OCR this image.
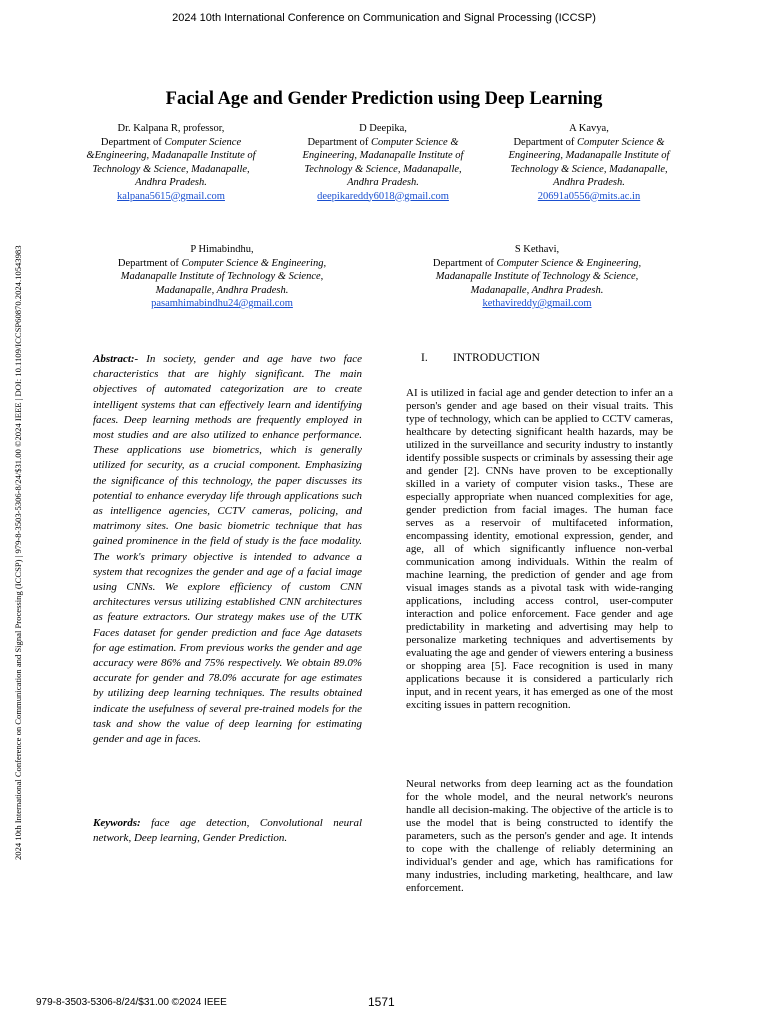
2024 10th International Conference on Communication and Signal Processing (ICCSP)
2024 10th International Conference on Communication and Signal Processing (ICCSP) | 979-8-3503-5306-8/24/$31.00 ©2024 IEEE | DOI: 10.1109/ICCSP60870.2024.10543983
Facial Age and Gender Prediction using Deep Learning
Dr. Kalpana R, professor,
Department of Computer Science &Engineering, Madanapalle Institute of Technology & Science, Madanapalle, Andhra Pradesh.
kalpana5615@gmail.com
D Deepika,
Department of Computer Science & Engineering, Madanapalle Institute of Technology & Science, Madanapalle, Andhra Pradesh.
deepikareddy6018@gmail.com
A Kavya,
Department of Computer Science & Engineering, Madanapalle Institute of Technology & Science, Madanapalle, Andhra Pradesh.
20691a0556@mits.ac.in
P Himabindhu,
Department of Computer Science & Engineering, Madanapalle Institute of Technology & Science, Madanapalle, Andhra Pradesh.
pasamhimabindhu24@gmail.com
S Kethavi,
Department of Computer Science & Engineering, Madanapalle Institute of Technology & Science, Madanapalle, Andhra Pradesh.
kethavireddy@gmail.com
Abstract:- In society, gender and age have two face characteristics that are highly significant. The main objectives of automated categorization are to create intelligent systems that can effectively learn and identifying faces. Deep learning methods are frequently employed in most studies and are also utilized to enhance performance. These applications use biometrics, which is generally utilized for security, as a crucial component. Emphasizing the significance of this technology, the paper discusses its potential to enhance everyday life through applications such as intelligence agencies, CCTV cameras, policing, and matrimony sites. One basic biometric technique that has gained prominence in the field of study is the face modality. The work's primary objective is intended to advance a system that recognizes the gender and age of a facial image using CNNs. We explore efficiency of custom CNN architectures versus utilizing established CNN architectures as feature extractors. Our strategy makes use of the UTK Faces dataset for gender prediction and face Age datasets for age estimation. From previous works the gender and age accuracy were 86% and 75% respectively. We obtain 89.0% accurate for gender and 78.0% accurate for age estimates by utilizing deep learning techniques. The results obtained indicate the usefulness of several pre-trained models for the task and show the value of deep learning for estimating gender and age in faces.
Keywords: face age detection, Convolutional neural network, Deep learning, Gender Prediction.
I. INTRODUCTION
AI is utilized in facial age and gender detection to infer an a person's gender and age based on their visual traits. This type of technology, which can be applied to CCTV cameras, healthcare by detecting significant health hazards, may be utilized in the surveillance and security industry to instantly identify possible suspects or criminals by assessing their age and gender [2]. CNNs have proven to be exceptionally skilled in a variety of computer vision tasks., These are especially appropriate when nuanced complexities for age, gender prediction from facial images. The human face serves as a reservoir of multifaceted information, encompassing identity, emotional expression, gender, and age, all of which significantly influence non-verbal communication among individuals. Within the realm of machine learning, the prediction of gender and age from visual images stands as a pivotal task with wide-ranging applications, including access control, user-computer interaction and police enforcement. Face gender and age predictability in marketing and advertising may help to personalize marketing techniques and advertisements by evaluating the age and gender of viewers entering a business or shopping area [5]. Face recognition is used in many applications because it is considered a particularly rich input, and in recent years, it has emerged as one of the most exciting issues in pattern recognition.
Neural networks from deep learning act as the foundation for the whole model, and the neural network's neurons handle all decision-making. The objective of the article is to use the model that is being constructed to identify the parameters, such as the person's gender and age. It intends to cope with the challenge of reliably determining an individual's gender and age, which has ramifications for many industries, including marketing, healthcare, and law enforcement.
979-8-3503-5306-8/24/$31.00 ©2024 IEEE	1571
